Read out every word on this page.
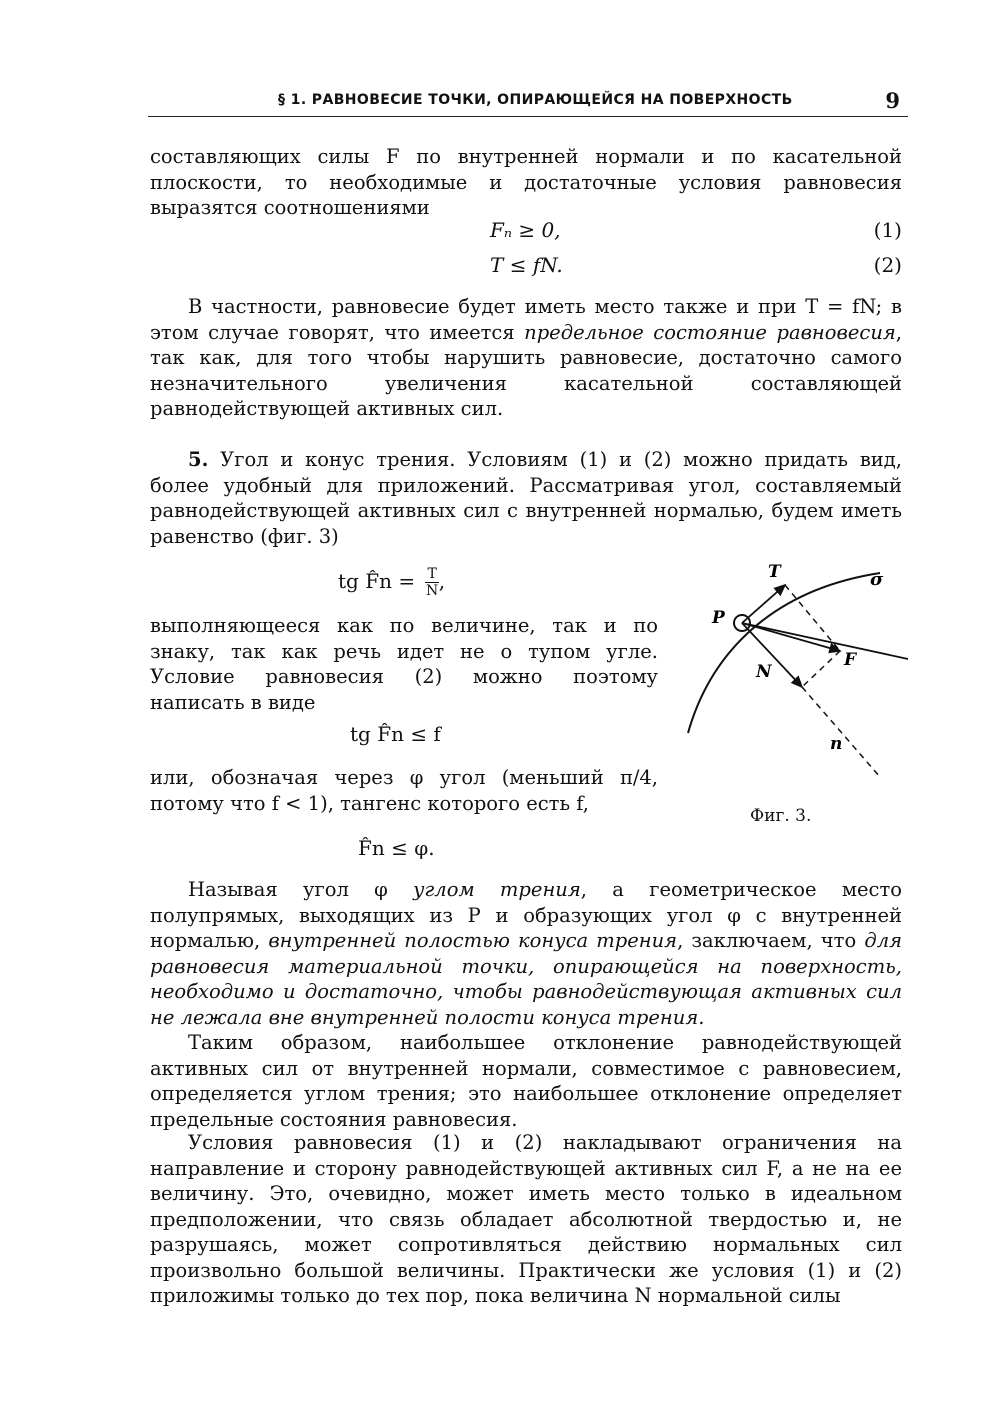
§ 1. РАВНОВЕСИЕ ТОЧКИ, ОПИРАЮЩЕЙСЯ НА ПОВЕРХНОСТЬ	9
составляющих силы F по внутренней нормали и по касательной плоскости, то необходимые и достаточные условия равновесия выразятся соотношениями
Fₙ ≥ 0,	(1)
T ≤ fN.	(2)
В частности, равновесие будет иметь место также и при T = fN; в этом случае говорят, что имеется предельное состояние равновесия, так как, для того чтобы нарушить равновесие, достаточно самого незначительного увеличения касательной составляющей равнодействующей активных сил.
5. Угол и конус трения. Условиям (1) и (2) можно придать вид, более удобный для приложений. Рассматривая угол, составляемый равнодействующей активных сил с внутренней нормалью, будем иметь равенство (фиг. 3)
tg F̂n = $\frac{T}{N}$ ,
выполняющееся как по величине, так и по знаку, так как речь идет не о тупом угле. Условие равновесия (2) можно поэтому написать в виде
tg F̂n ≤ f
или, обозначая через φ угол (меньший π/4, потому что f < 1), тангенс которого есть f,
F̂n ≤ φ.
T	σ
P
F
N
n
Фиг. 3.
Называя угол φ углом трения, а геометрическое место полупрямых, выходящих из P и образующих угол φ с внутренней нормалью, внутренней полостью конуса трения, заключаем, что для равновесия материальной точки, опирающейся на поверхность, необходимо и достаточно, чтобы равнодействующая активных сил не лежала вне внутренней полости конуса трения.
Таким образом, наибольшее отклонение равнодействующей активных сил от внутренней нормали, совместимое с равновесием, определяется углом трения; это наибольшее отклонение определяет предельные состояния равновесия.
Условия равновесия (1) и (2) накладывают ограничения на направление и сторону равнодействующей активных сил F, а не на ее величину. Это, очевидно, может иметь место только в идеальном предположении, что связь обладает абсолютной твердостью и, не разрушаясь, может сопротивляться действию нормальных сил произвольно большой величины. Практически же условия (1) и (2) приложимы только до тех пор, пока величина N нормальной силы
